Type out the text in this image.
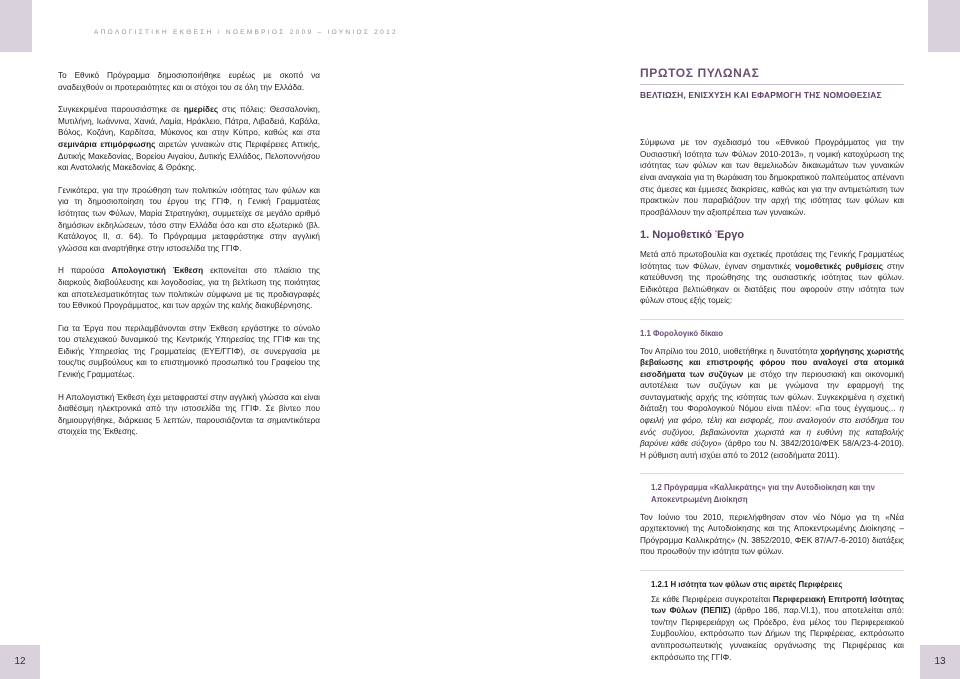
ΑΠΟΛΟΓΙΣΤΙΚΗ ΕΚΘΕΣΗ / ΝΟΕΜΒΡΙΟΣ 2009 – ΙΟΥΝΙΟΣ 2012

Το Εθνικό Πρόγραμμα δημοσιοποιήθηκε ευρέως με σκοπό να αναδειχθούν οι προτεραιότητες και οι στόχοι του σε όλη την Ελλάδα.

Συγκεκριμένα παρουσιάστηκε σε ημερίδες στις πόλεις: Θεσσαλονίκη, Μυτιλήνη, Ιωάννινα, Χανιά, Λαμία, Ηράκλειο, Πάτρα, Λιβαδειά, Καβάλα, Βόλος, Κοζάνη, Καρδίτσα, Μύκονος και στην Κύπρο, καθώς και στα σεμινάρια επιμόρφωσης αιρετών γυναικών στις Περιφέρειες Αττικής, Δυτικής Μακεδονίας, Βορείου Αιγαίου, Δυτικής Ελλάδος, Πελοποννήσου και Ανατολικής Μακεδονίας & Θράκης.

Γενικότερα, για την προώθηση των πολιτικών ισότητας των φύλων και για τη δημοσιοποίηση του έργου της ΓΓΙΦ, η Γενική Γραμματέας Ισότητας των Φύλων, Μαρία Στρατηγάκη, συμμετείχε σε μεγάλο αριθμό δημόσιων εκδηλώσεων, τόσο στην Ελλάδα όσο και στο εξωτερικό (βλ. Κατάλογος ΙΙ, σ. 64). Το Πρόγραμμα μεταφράστηκε στην αγγλική γλώσσα και αναρτήθηκε στην ιστοσελίδα της ΓΓΙΦ.

Η παρούσα Απολογιστική Έκθεση εκπονείται στο πλαίσιο της διαρκούς διαβούλευσης και λογοδοσίας, για τη βελτίωση της ποιότητας και αποτελεσματικότητας των πολιτικών σύμφωνα με τις προδιαγραφές του Εθνικού Προγράμματος, και των αρχών της καλής διακυβέρνησης.

Για τα Έργα που περιλαμβάνονται στην Έκθεση εργάστηκε το σύνολο του στελεχιακού δυναμικού της Κεντρικής Υπηρεσίας της ΓΓΙΦ και της Ειδικής Υπηρεσίας της Γραμματείας (ΕΥΕ/ΓΓΙΦ), σε συνεργασία με τους/τις συμβούλους και το επιστημονικό προσωπικό του Γραφείου της Γενικής Γραμματέως.

Η Απολογιστική Έκθεση έχει μεταφραστεί στην αγγλική γλώσσα και είναι διαθέσιμη ηλεκτρονικά από την ιστοσελίδα της ΓΓΙΦ. Σε βίντεο που δημιουργήθηκε, διάρκειας 5 λεπτών, παρουσιάζονται τα σημαντικότερα στοιχεία της Έκθεσης.

ΠΡΩΤΟΣ ΠΥΛΩΝΑΣ
ΒΕΛΤΙΩΣΗ, ΕΝΙΣΧΥΣΗ ΚΑΙ ΕΦΑΡΜΟΓΗ ΤΗΣ ΝΟΜΟΘΕΣΙΑΣ

Σύμφωνα με τον σχεδιασμό του «Εθνικού Προγράμματος για την Ουσιαστική Ισότητα των Φύλων 2010-2013», η νομική κατοχύρωση της ισότητας των φύλων και των θεμελιωδών δικαιωμάτων των γυναικών είναι αναγκαία για τη θωράκιση του δημοκρατικού πολιτεύματος απέναντι στις άμεσες και έμμεσες διακρίσεις, καθώς και για την αντιμετώπιση των πρακτικών που παραβιάζουν την αρχή της ισότητας των φύλων και προσβάλλουν την αξιοπρέπεια των γυναικών.

1. Νομοθετικό Έργο

Μετά από πρωτοβουλία και σχετικές προτάσεις της Γενικής Γραμματέως Ισότητας των Φύλων, έγιναν σημαντικές νομοθετικές ρυθμίσεις στην κατεύθυνση της προώθησης της ουσιαστικής ισότητας των φύλων. Ειδικότερα βελτιώθηκαν οι διατάξεις που αφορούν στην ισότητα των φύλων στους εξής τομείς:

1.1 Φορολογικό δίκαιο

Τον Απρίλιο του 2010, υιοθετήθηκε η δυνατότητα χορήγησης χωριστής βεβαίωσης και επιστροφής φόρου που αναλογεί στα ατομικά εισοδήματα των συζύγων με στόχο την περιουσιακή και οικονομική αυτοτέλεια των συζύγων και με γνώμονα την εφαρμογή της συνταγματικής αρχής της ισότητας των φύλων. Συγκεκριμένα η σχετική διάταξη του Φορολογικού Νόμου είναι πλέον: «Για τους έγγαμους... η οφειλή για φόρο, τέλη και εισφορές, που αναλογούν στο εισόδημα του ενός συζύγου, βεβαιώνονται χωριστά και η ευθύνη της καταβολής βαρύνει κάθε σύζυγο» (άρθρο του Ν. 3842/2010/ΦΕΚ 58/Α/23-4-2010). Η ρύθμιση αυτή ισχύει από το 2012 (εισοδήματα 2011).

1.2 Πρόγραμμα «Καλλικράτης» για την Αυτοδιοίκηση και την Αποκεντρωμένη Διοίκηση

Τον Ιούνιο του 2010, περιελήφθησαν στον νέο Νόμο για τη «Νέα αρχιτεκτονική της Αυτοδιοίκησης και της Αποκεντρωμένης Διοίκησης – Πρόγραμμα Καλλικράτης» (Ν. 3852/2010, ΦΕΚ 87/Α/7-6-2010) διατάξεις που προωθούν την ισότητα των φύλων.

1.2.1 Η ισότητα των φύλων στις αιρετές Περιφέρειες

Σε κάθε Περιφέρεια συγκροτείται Περιφερειακή Επιτροπή Ισότητας των Φύλων (ΠΕΠΙΣ) (άρθρο 186, παρ.VI.1), που αποτελείται από: τον/την Περιφερειάρχη ως Πρόεδρο, ένα μέλος του Περιφερειακού Συμβουλίου, εκπρόσωπο των Δήμων της Περιφέρειας, εκπρόσωπο αντιπροσωπευτικής γυναικείας οργάνωσης της Περιφέρειας και εκπρόσωπο της ΓΓΙΦ.

12	13
